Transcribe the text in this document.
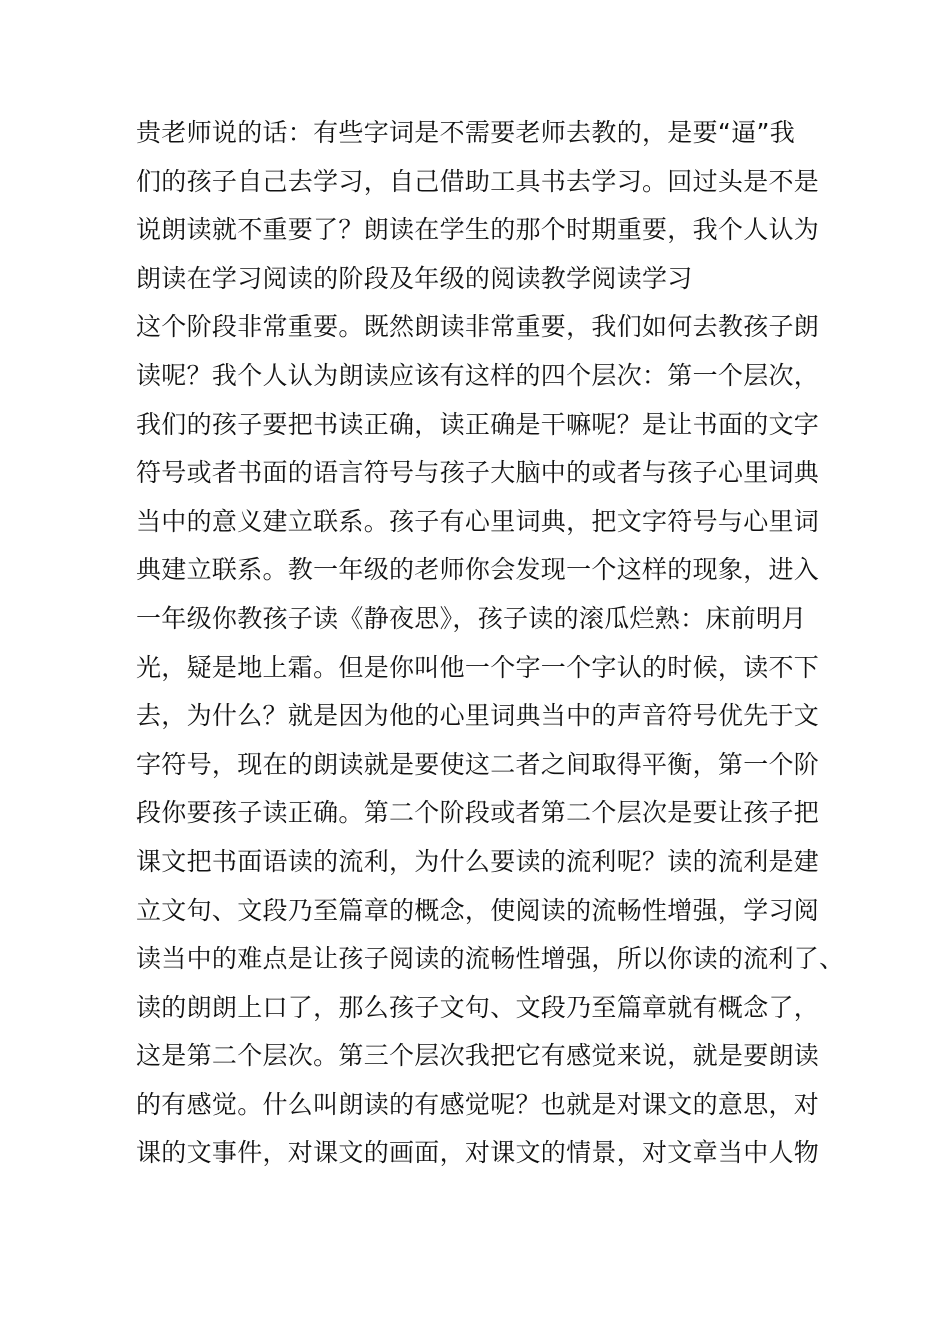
贵老师说的话：有些字词是不需要老师去教的，是要“逼”我
们的孩子自己去学习，自己借助工具书去学习。回过头是不是
说朗读就不重要了？朗读在学生的那个时期重要，我个人认为
朗读在学习阅读的阶段及年级的阅读教学阅读学习
这个阶段非常重要。既然朗读非常重要，我们如何去教孩子朗
读呢？我个人认为朗读应该有这样的四个层次：第一个层次，
我们的孩子要把书读正确，读正确是干嘛呢？是让书面的文字
符号或者书面的语言符号与孩子大脑中的或者与孩子心里词典
当中的意义建立联系。孩子有心里词典，把文字符号与心里词
典建立联系。教一年级的老师你会发现一个这样的现象，进入
一年级你教孩子读《静夜思》，孩子读的滚瓜烂熟：床前明月
光，疑是地上霜。但是你叫他一个字一个字认的时候，读不下
去，为什么？就是因为他的心里词典当中的声音符号优先于文
字符号，现在的朗读就是要使这二者之间取得平衡，第一个阶
段你要孩子读正确。第二个阶段或者第二个层次是要让孩子把
课文把书面语读的流利，为什么要读的流利呢？读的流利是建
立文句、文段乃至篇章的概念，使阅读的流畅性增强，学习阅
读当中的难点是让孩子阅读的流畅性增强，所以你读的流利了、
读的朗朗上口了，那么孩子文句、文段乃至篇章就有概念了，
这是第二个层次。第三个层次我把它有感觉来说，就是要朗读
的有感觉。什么叫朗读的有感觉呢？也就是对课文的意思，对
课的文事件，对课文的画面，对课文的情景，对文章当中人物
